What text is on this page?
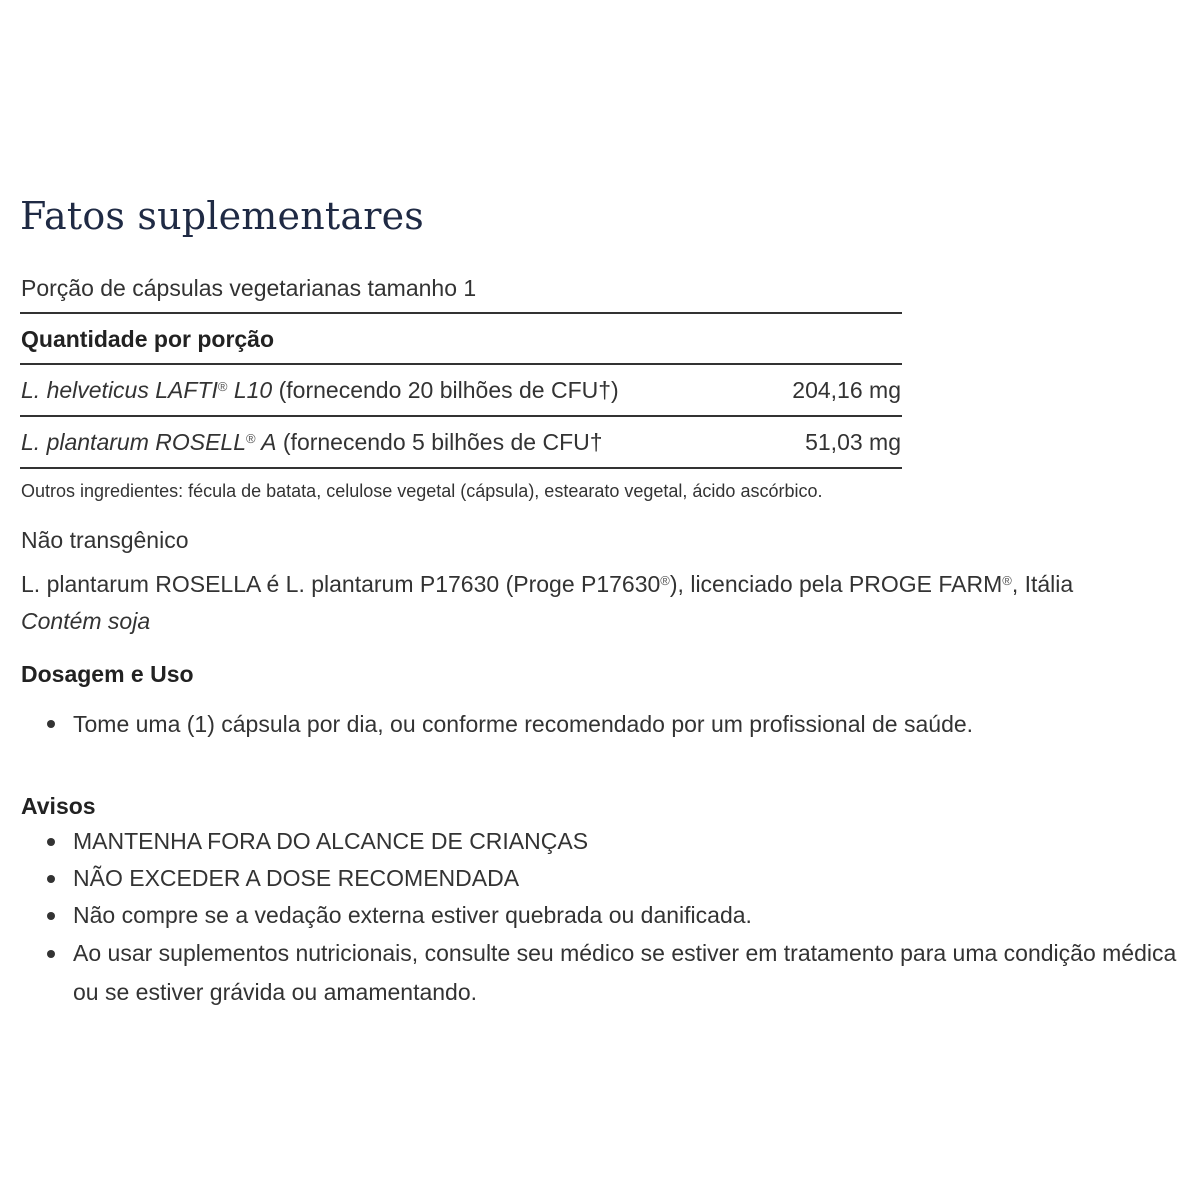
Fatos suplementares
Porção de cápsulas vegetarianas tamanho 1
Quantidade por porção
L. helveticus LAFTI® L10 (fornecendo 20 bilhões de CFU†)	204,16 mg
L. plantarum ROSELL® A (fornecendo 5 bilhões de CFU†	51,03 mg
Outros ingredientes: fécula de batata, celulose vegetal (cápsula), estearato vegetal, ácido ascórbico.
Não transgênico
L. plantarum ROSELLA é L. plantarum P17630 (Proge P17630®), licenciado pela PROGE FARM®, Itália
Contém soja
Dosagem e Uso
Tome uma (1) cápsula por dia, ou conforme recomendado por um profissional de saúde.
Avisos
MANTENHA FORA DO ALCANCE DE CRIANÇAS
NÃO EXCEDER A DOSE RECOMENDADA
Não compre se a vedação externa estiver quebrada ou danificada.
Ao usar suplementos nutricionais, consulte seu médico se estiver em tratamento para uma condição médica ou se estiver grávida ou amamentando.
